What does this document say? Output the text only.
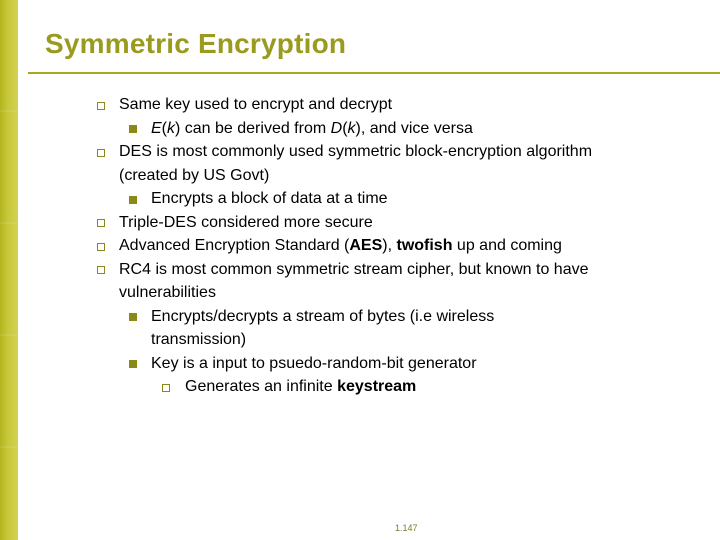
Symmetric Encryption
Same key used to encrypt and decrypt
E(k) can be derived from D(k), and vice versa
DES is most commonly used symmetric block-encryption algorithm (created by US Govt)
Encrypts a block of data at a time
Triple-DES considered more secure
Advanced Encryption Standard (AES), twofish up and coming
RC4 is most common symmetric stream cipher, but known to have vulnerabilities
Encrypts/decrypts a stream of bytes (i.e wireless transmission)
Key is a input to psuedo-random-bit generator
Generates an infinite keystream
1.147
